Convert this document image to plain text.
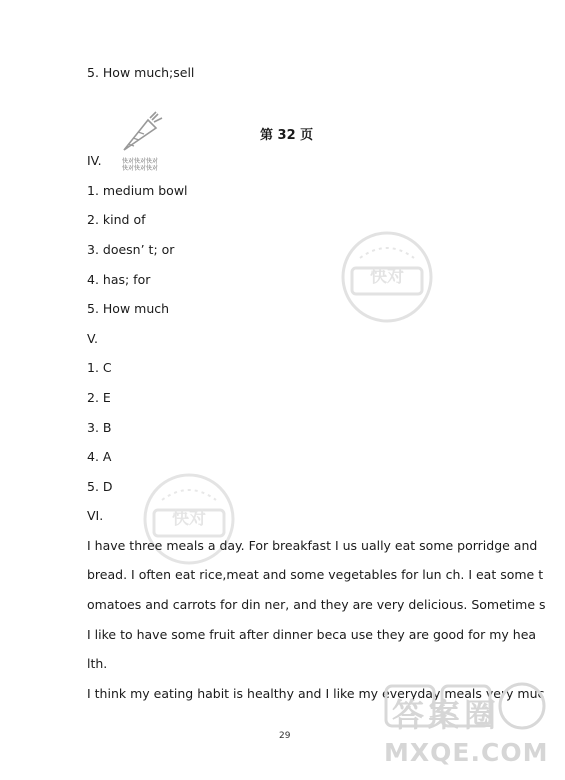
5. How much;sell
快对快对快对
快对快对快对
第 32 页
IV.
1. medium bowl
2. kind of
3. doesn’ t; or
4. has; for
5. How much
快对
V.
1. C
2. E
3. B
4. A
5. D
快对
VI.
I have three meals a day. For breakfast I us ually eat some porridge and
bread. I often eat rice,meat and some vegetables for lun ch. I eat some t
omatoes and carrots for din ner, and they are very delicious. Sometime s
I like to have some fruit after dinner beca use they are good for my hea
lth.
I think my eating habit is healthy and I like my everyday meals very muc
答案圈
MXQE.COM
29
